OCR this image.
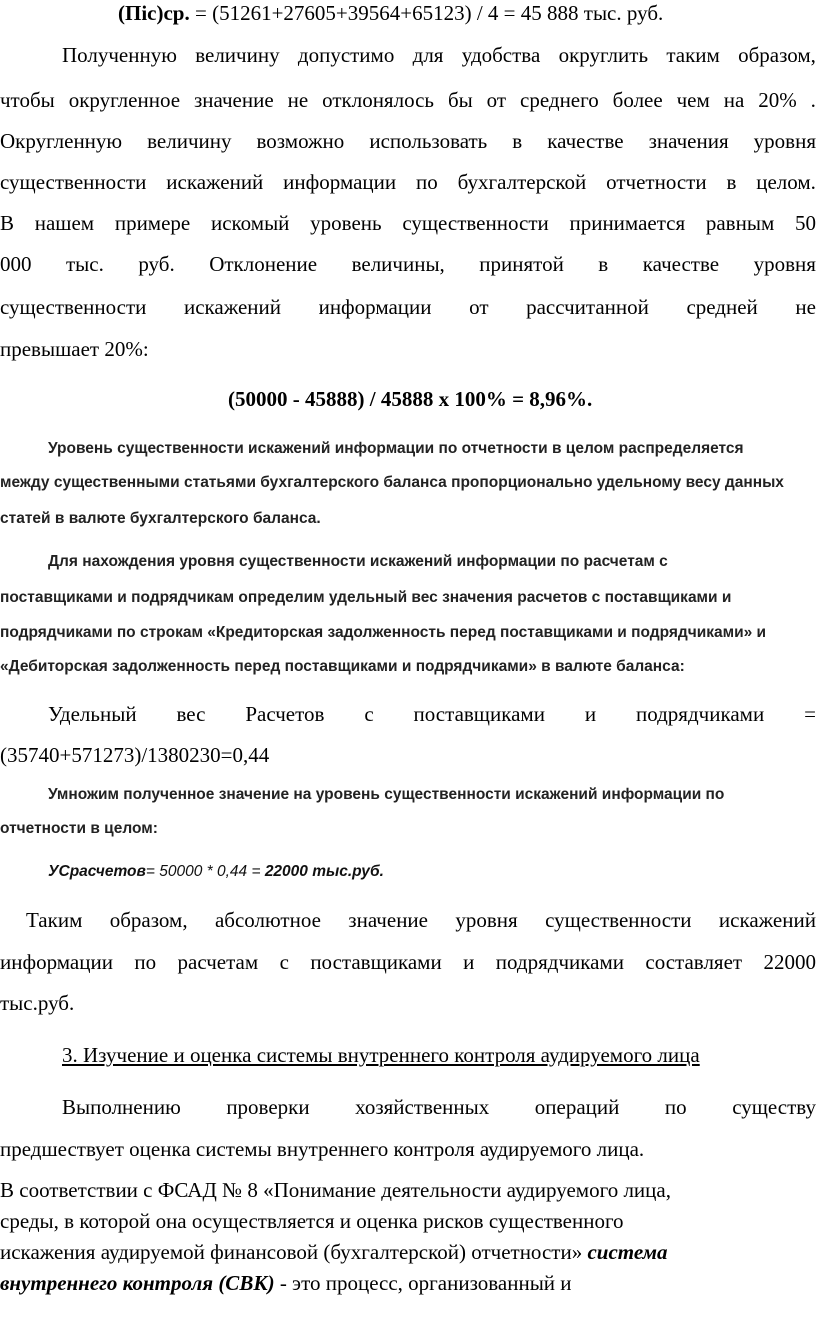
(Пiс)ср. = (51261+27605+39564+65123) / 4 = 45 888 тыс. руб.
Полученную величину допустимо для удобства округлить таким образом,
чтобы округленное значение не отклонялось бы от среднего более чем на 20% .
Округленную величину возможно использовать в качестве значения уровня
существенности искажений информации по бухгалтерской отчетности в целом.
В нашем примере искомый уровень существенности принимается равным 50
000 тыс. руб. Отклонение величины, принятой в качестве уровня
существенности искажений информации от рассчитанной средней не
превышает 20%:
(50000 - 45888) / 45888 х 100% = 8,96%.
Уровень существенности искажений информации по отчетности в целом распределяется
между существенными статьями бухгалтерского баланса пропорционально удельному весу данных
статей в валюте бухгалтерского баланса.
Для нахождения уровня существенности искажений информации по расчетам с
поставщиками и подрядчикам определим удельный вес значения расчетов с поставщиками и
подрядчиками по строкам «Кредиторская задолженность перед поставщиками и подрядчиками» и
«Дебиторская задолженность перед поставщиками и подрядчиками» в валюте баланса:
Удельный вес Расчетов с поставщиками и подрядчиками =
(35740+571273)/1380230=0,44
Умножим полученное значение на уровень существенности искажений информации по
отчетности в целом:
УСрасчетов= 50000 * 0,44 = 22000 тыс.руб.
Таким образом, абсолютное значение уровня существенности искажений
информации по расчетам с поставщиками и подрядчиками составляет 22000
тыс.руб.
3. Изучение и оценка системы внутреннего контроля аудируемого лица
Выполнению проверки хозяйственных операций по существу
предшествует оценка системы внутреннего контроля аудируемого лица.
В соответствии с ФСАД № 8 «Понимание деятельности аудируемого лица,
среды, в которой она осуществляется и оценка рисков существенного
искажения аудируемой финансовой (бухгалтерской) отчетности» система
внутреннего контроля (СВК) - это процесс, организованный и
